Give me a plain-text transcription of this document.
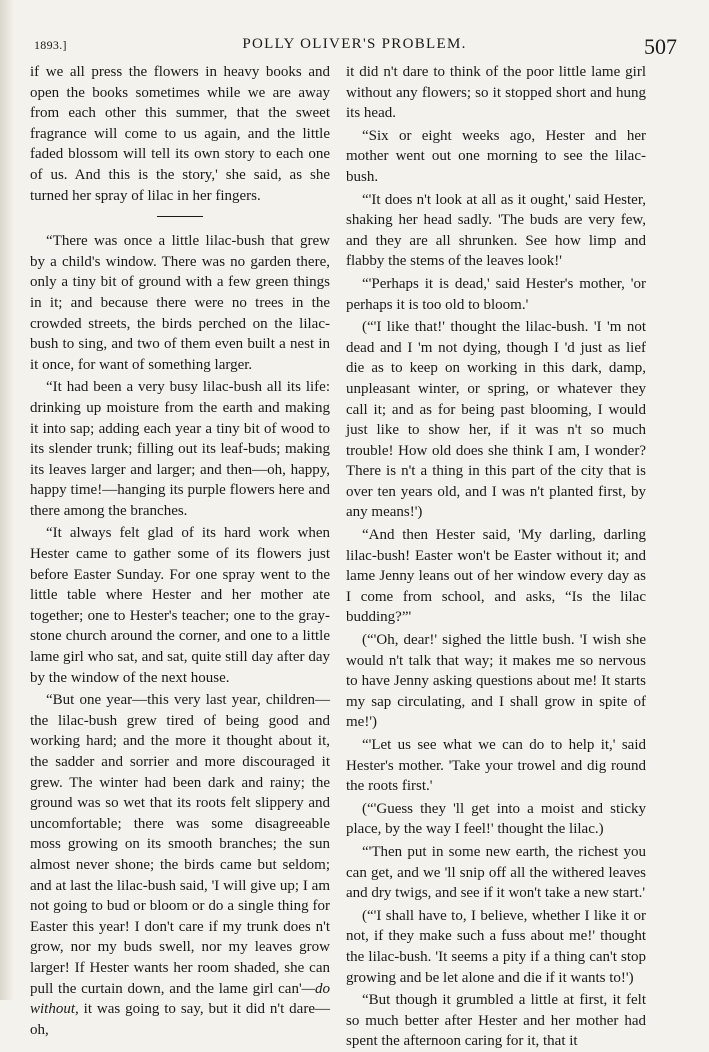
1893.]	POLLY OLIVER'S PROBLEM.	507

if we all press the flowers in heavy books and open the books sometimes while we are away from each other this summer, that the sweet fragrance will come to us again, and the little faded blossom will tell its own story to each one of us. And this is the story,' she said, as she turned her spray of lilac in her fingers.

“There was once a little lilac-bush that grew by a child's window. There was no garden there, only a tiny bit of ground with a few green things in it; and because there were no trees in the crowded streets, the birds perched on the lilac-bush to sing, and two of them even built a nest in it once, for want of something larger.

“It had been a very busy lilac-bush all its life: drinking up moisture from the earth and making it into sap; adding each year a tiny bit of wood to its slender trunk; filling out its leaf-buds; making its leaves larger and larger; and then—oh, happy, happy time!—hanging its purple flowers here and there among the branches.

“It always felt glad of its hard work when Hester came to gather some of its flowers just before Easter Sunday. For one spray went to the little table where Hester and her mother ate together; one to Hester's teacher; one to the gray-stone church around the corner, and one to a little lame girl who sat, and sat, quite still day after day by the window of the next house.

“But one year—this very last year, children—the lilac-bush grew tired of being good and working hard; and the more it thought about it, the sadder and sorrier and more discouraged it grew. The winter had been dark and rainy; the ground was so wet that its roots felt slippery and uncomfortable; there was some disagreeable moss growing on its smooth branches; the sun almost never shone; the birds came but seldom; and at last the lilac-bush said, 'I will give up; I am not going to bud or bloom or do a single thing for Easter this year! I don't care if my trunk does n't grow, nor my buds swell, nor my leaves grow larger! If Hester wants her room shaded, she can pull the curtain down, and the lame girl can'—do without, it was going to say, but it did n't dare—oh,

it did n't dare to think of the poor little lame girl without any flowers; so it stopped short and hung its head.

“Six or eight weeks ago, Hester and her mother went out one morning to see the lilac-bush.

“'It does n't look at all as it ought,' said Hester, shaking her head sadly. 'The buds are very few, and they are all shrunken. See how limp and flabby the stems of the leaves look!'

“'Perhaps it is dead,' said Hester's mother, 'or perhaps it is too old to bloom.'

(“'I like that!' thought the lilac-bush. 'I 'm not dead and I 'm not dying, though I 'd just as lief die as to keep on working in this dark, damp, unpleasant winter, or spring, or whatever they call it; and as for being past blooming, I would just like to show her, if it was n't so much trouble! How old does she think I am, I wonder? There is n't a thing in this part of the city that is over ten years old, and I was n't planted first, by any means!')

“And then Hester said, 'My darling, darling lilac-bush! Easter won't be Easter without it; and lame Jenny leans out of her window every day as I come from school, and asks, “Is the lilac budding?”'

(“'Oh, dear!' sighed the little bush. 'I wish she would n't talk that way; it makes me so nervous to have Jenny asking questions about me! It starts my sap circulating, and I shall grow in spite of me!')

“'Let us see what we can do to help it,' said Hester's mother. 'Take your trowel and dig round the roots first.'

(“'Guess they 'll get into a moist and sticky place, by the way I feel!' thought the lilac.)

“'Then put in some new earth, the richest you can get, and we 'll snip off all the withered leaves and dry twigs, and see if it won't take a new start.'

(“'I shall have to, I believe, whether I like it or not, if they make such a fuss about me!' thought the lilac-bush. 'It seems a pity if a thing can't stop growing and be let alone and die if it wants to!')

“But though it grumbled a little at first, it felt so much better after Hester and her mother had spent the afternoon caring for it, that it
